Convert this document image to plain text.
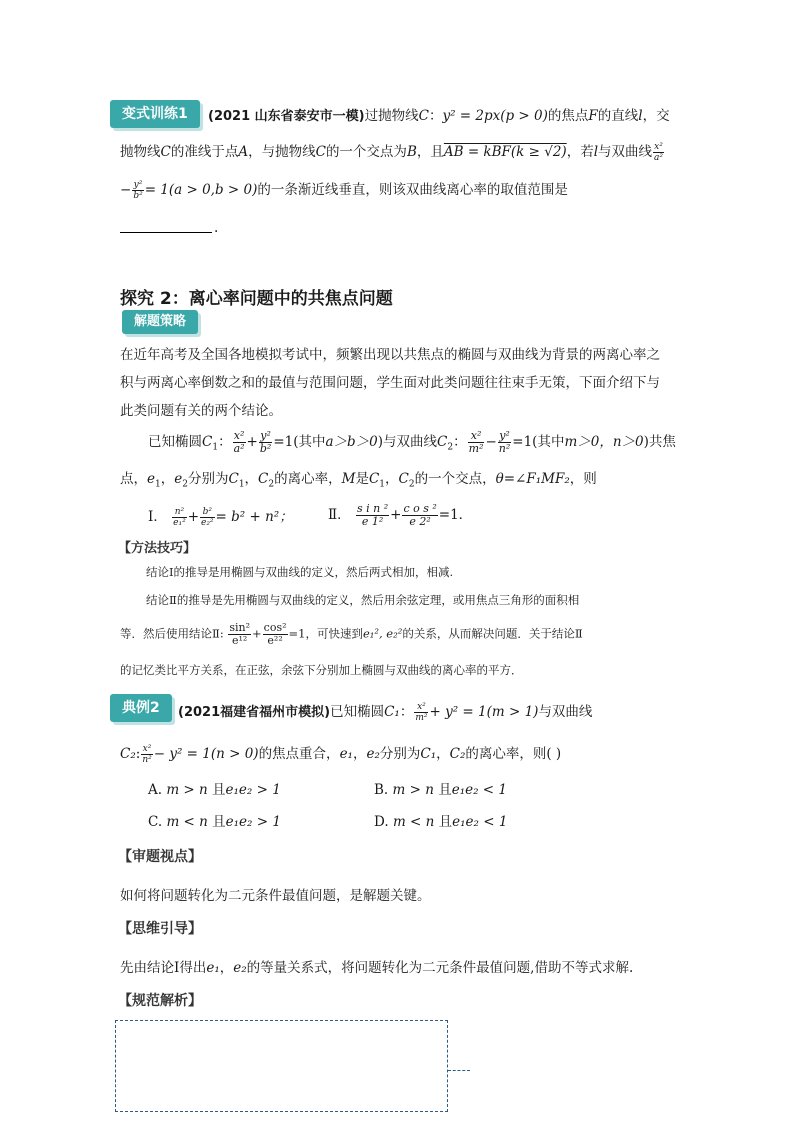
变式训练1	(2021 山东省泰安市一模)过抛物线C：y² = 2px(p > 0)的焦点F的直线l，交
抛物线C的准线于点A，与抛物线C的一个交点为B，且AB = kBF(k ≥ √2)，若l与双曲线 $\frac{\text{x²}}{\text{a²}}$
− $\frac{\text{y²}}{\text{b²}} = 1(a > 0,b > 0)$的一条渐近线垂直，则该双曲线离心率的取值范围是
.
探究 2：离心率问题中的共焦点问题
解题策略
在近年高考及全国各地模拟考试中，频繁出现以共焦点的椭圆与双曲线为背景的两离心率之
积与两离心率倒数之和的最值与范围问题，学生面对此类问题往往束手无策，下面介绍下与
此类问题有关的两个结论。
已知椭圆$C_1$： $\frac{\text{x²}}{\text{a²}} + \frac{\text{y²}}{\text{b²}} =1$(其中a＞b＞0)与双曲线$C_2$： $\frac{\text{x²}}{\text{m²}} - \frac{\text{y²}}{\text{n²}} =1$(其中m＞0，n＞0)共焦
点，$e_1$，$e_2$分别为$C_1$，$C_2$的离心率，M是$C_1$，$C_2$的一个交点，θ=∠F₁MF₂，则
Ⅰ． $\frac{\text{n²}}{\text{e₁²}} + \frac{\text{b²}}{\text{e₂²}} = b^2 + n^2$；	Ⅱ． $\frac{\text{s i n ²}}{\text{e 1²}} + \frac{\text{c o s ²}}{\text{e 2²}} =1$．
【方法技巧】
结论Ⅰ的推导是用椭圆与双曲线的定义，然后两式相加，相减.
结论Ⅱ的推导是先用椭圆与双曲线的定义，然后用余弦定理，或用焦点三角形的面积相
等．然后使用结论Ⅱ: $\frac{\text{sin²}}{\text{e¹²}} + \frac{\text{cos²}}{\text{e²²}} =1$，可快速到e₁², e₂²的关系，从而解决问题．关于结论Ⅱ
的记忆类比平方关系，在正弦，余弦下分别加上椭圆与双曲线的离心率的平方．
典例2	(2021福建省福州市模拟)已知椭圆C₁： $\frac{\text{x²}}{\text{m²}} + y^2 = 1(m > 1)$与双曲线
C₂: $\frac{\text{x²}}{\text{n²}} - y^2 = 1(n > 0)$的焦点重合，e₁，e₂分别为C₁，C₂的离心率，则( )
A. m > n 且e₁e₂ > 1	B. m > n 且e₁e₂ < 1
C. m < n 且e₁e₂ > 1	D. m < n 且e₁e₂ < 1
【审题视点】
如何将问题转化为二元条件最值问题，是解题关键。
【思维引导】
先由结论Ⅰ得出e₁，e₂的等量关系式，将问题转化为二元条件最值问题,借助不等式求解.
【规范解析】
